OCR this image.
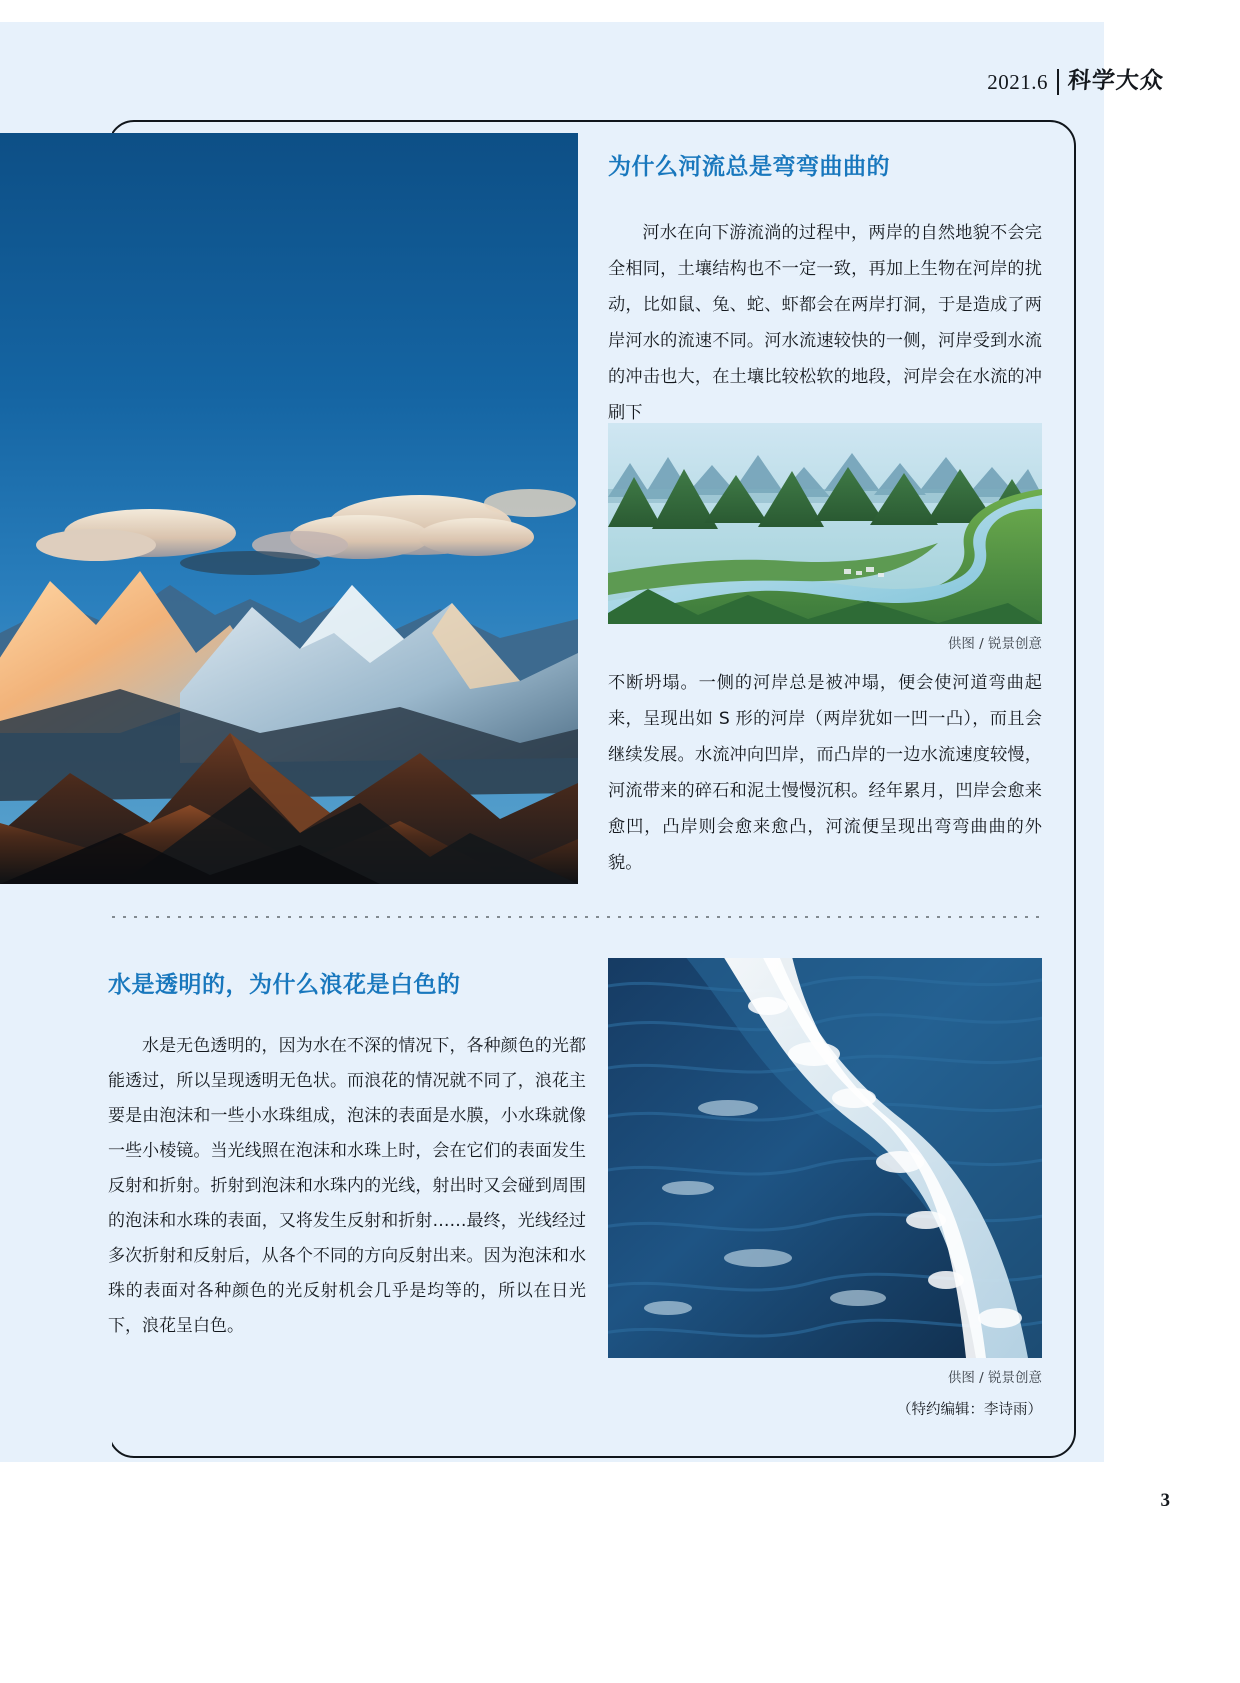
2021.6 科学大众
为什么河流总是弯弯曲曲的
河水在向下游流淌的过程中，两岸的自然地貌不会完全相同，土壤结构也不一定一致，再加上生物在河岸的扰动，比如鼠、兔、蛇、虾都会在两岸打洞，于是造成了两岸河水的流速不同。河水流速较快的一侧，河岸受到水流的冲击也大，在土壤比较松软的地段，河岸会在水流的冲刷下
供图 / 锐景创意
不断坍塌。一侧的河岸总是被冲塌，便会使河道弯曲起来，呈现出如 S 形的河岸（两岸犹如一凹一凸），而且会继续发展。水流冲向凹岸，而凸岸的一边水流速度较慢，河流带来的碎石和泥土慢慢沉积。经年累月，凹岸会愈来愈凹，凸岸则会愈来愈凸，河流便呈现出弯弯曲曲的外貌。
水是透明的，为什么浪花是白色的
水是无色透明的，因为水在不深的情况下，各种颜色的光都能透过，所以呈现透明无色状。而浪花的情况就不同了，浪花主要是由泡沫和一些小水珠组成，泡沫的表面是水膜，小水珠就像一些小棱镜。当光线照在泡沫和水珠上时，会在它们的表面发生反射和折射。折射到泡沫和水珠内的光线，射出时又会碰到周围的泡沫和水珠的表面，又将发生反射和折射……最终，光线经过多次折射和反射后，从各个不同的方向反射出来。因为泡沫和水珠的表面对各种颜色的光反射机会几乎是均等的，所以在日光下，浪花呈白色。
供图 / 锐景创意
（特约编辑：李诗雨）
3
